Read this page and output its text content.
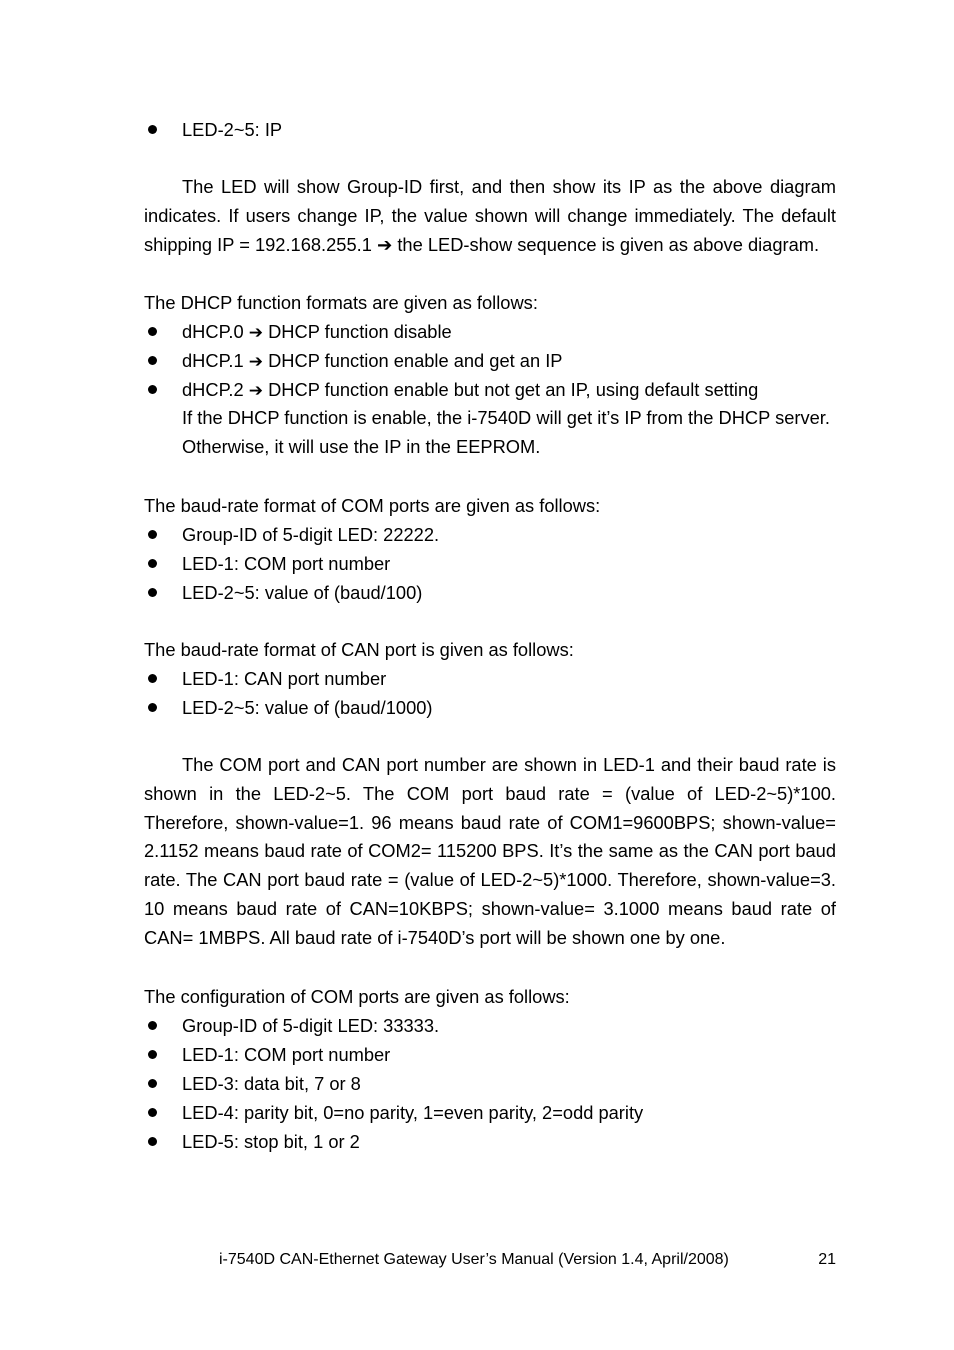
LED-2~5: IP
The LED will show Group-ID first, and then show its IP as the above diagram indicates. If users change IP, the value shown will change immediately. The default shipping IP = 192.168.255.1 ➔ the LED-show sequence is given as above diagram.
The DHCP function formats are given as follows:
dHCP.0 ➔ DHCP function disable
dHCP.1 ➔ DHCP function enable and get an IP
dHCP.2 ➔ DHCP function enable but not get an IP, using default setting
If the DHCP function is enable, the i-7540D will get it’s IP from the DHCP server. Otherwise, it will use the IP in the EEPROM.
The baud-rate format of COM ports are given as follows:
Group-ID of 5-digit LED: 22222.
LED-1: COM port number
LED-2~5: value of (baud/100)
The baud-rate format of CAN port is given as follows:
LED-1: CAN port number
LED-2~5: value of (baud/1000)
The COM port and CAN port number are shown in LED-1 and their baud rate is shown in the LED-2~5. The COM port baud rate = (value of LED-2~5)*100. Therefore, shown-value=1. 96 means baud rate of COM1=9600BPS; shown-value= 2.1152 means baud rate of COM2= 115200 BPS. It’s the same as the CAN port baud rate. The CAN port baud rate = (value of LED-2~5)*1000. Therefore, shown-value=3. 10 means baud rate of CAN=10KBPS; shown-value= 3.1000 means baud rate of CAN= 1MBPS. All baud rate of i-7540D’s port will be shown one by one.
The configuration of COM ports are given as follows:
Group-ID of 5-digit LED: 33333.
LED-1: COM port number
LED-3: data bit, 7 or 8
LED-4: parity bit, 0=no parity, 1=even parity, 2=odd parity
LED-5: stop bit, 1 or 2
i-7540D CAN-Ethernet Gateway User’s Manual (Version 1.4, April/2008)	21
